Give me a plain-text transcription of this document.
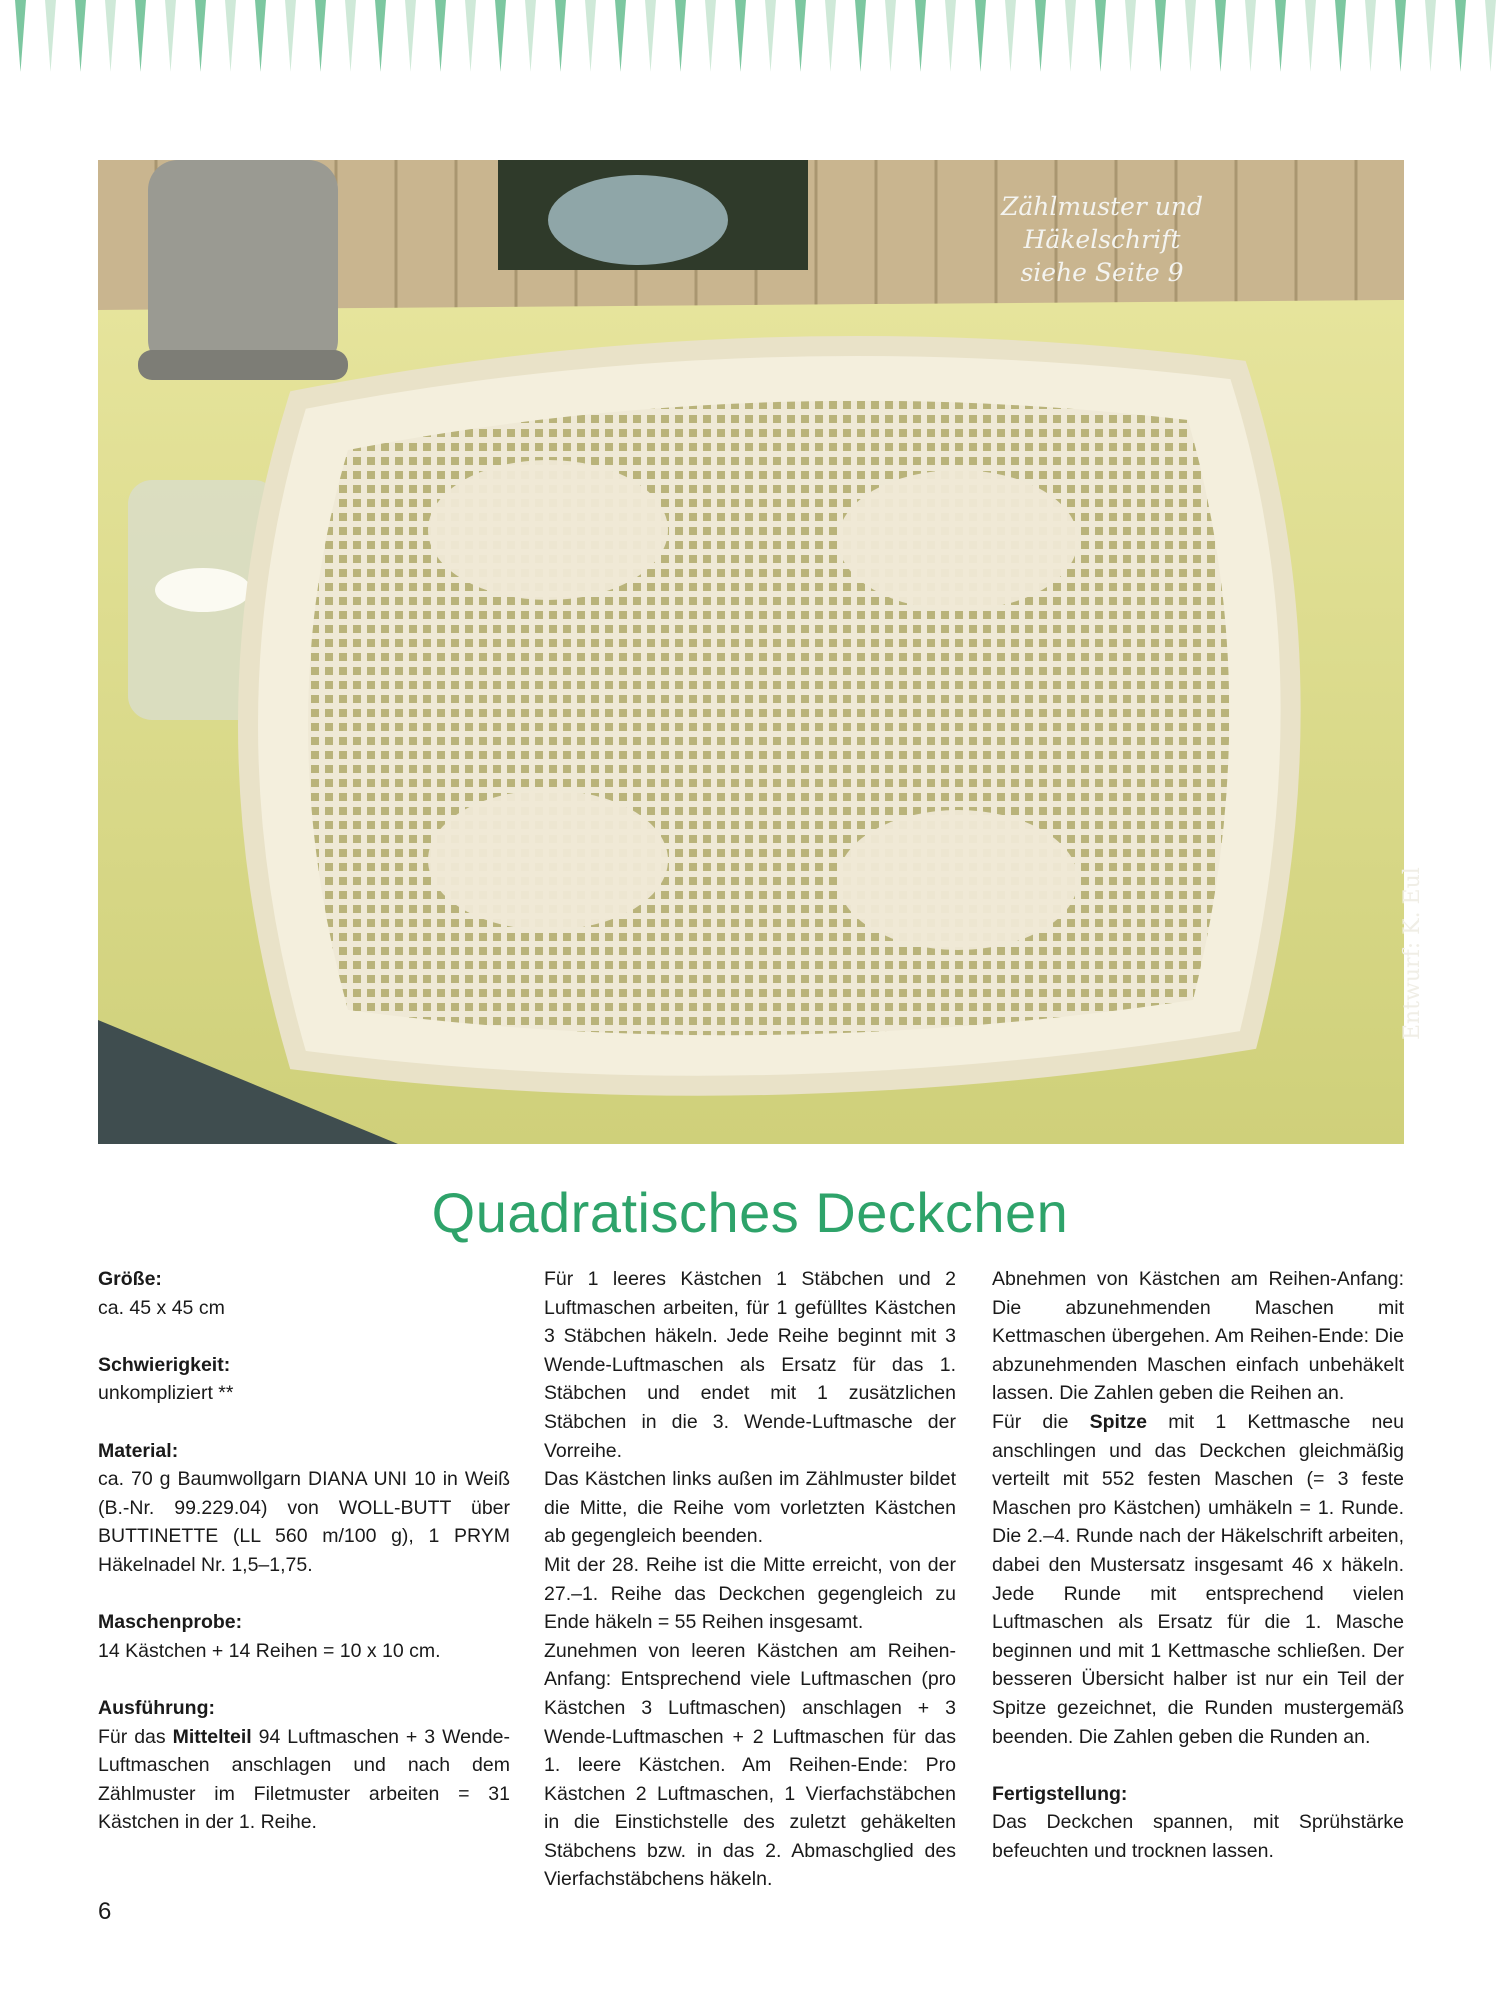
Zählmuster und
Häkelschrift
siehe Seite 9
Entwurf: K. Eul
Quadratisches Deckchen

Größe:

ca. 45 x 45 cm

Schwierigkeit:

unkompliziert **

Material:

ca. 70 g Baumwollgarn DIANA UNI 10 in Weiß (B.-Nr. 99.229.04) von WOLL-BUTT über BUTTINETTE (LL 560 m/100 g), 1 PRYM Häkelnadel Nr. 1,5–1,75.

Maschenprobe:

14 Kästchen + 14 Reihen = 10 x 10 cm.

Ausführung:

Für das Mittelteil 94 Luftmaschen + 3 Wende-Luftmaschen anschlagen und nach dem Zählmuster im Filetmuster arbeiten = 31 Kästchen in der 1. Reihe.

Für 1 leeres Kästchen 1 Stäbchen und 2 Luftmaschen arbeiten, für 1 gefülltes Kästchen 3 Stäbchen häkeln. Jede Reihe beginnt mit 3 Wende-Luftmaschen als Ersatz für das 1. Stäbchen und endet mit 1 zusätzlichen Stäbchen in die 3. Wende-Luftmasche der Vorreihe.

Das Kästchen links außen im Zählmuster bildet die Mitte, die Reihe vom vorletzten Kästchen ab gegengleich beenden.

Mit der 28. Reihe ist die Mitte erreicht, von der 27.–1. Reihe das Deckchen gegengleich zu Ende häkeln = 55 Reihen insgesamt.

Zunehmen von leeren Kästchen am Reihen-Anfang: Entsprechend viele Luftmaschen (pro Kästchen 3 Luftmaschen) anschlagen + 3 Wende-Luftmaschen + 2 Luftmaschen für das 1. leere Kästchen. Am Reihen-Ende: Pro Kästchen 2 Luftmaschen, 1 Vierfachstäbchen in die Einstichstelle des zuletzt gehäkelten Stäbchens bzw. in das 2. Abmaschglied des Vierfachstäbchens häkeln.

Abnehmen von Kästchen am Reihen-Anfang: Die abzunehmenden Maschen mit Kettmaschen übergehen. Am Reihen-Ende: Die abzunehmenden Maschen einfach unbehäkelt lassen. Die Zahlen geben die Reihen an.

Für die Spitze mit 1 Kettmasche neu anschlingen und das Deckchen gleichmäßig verteilt mit 552 festen Maschen (= 3 feste Maschen pro Kästchen) umhäkeln = 1. Runde. Die 2.–4. Runde nach der Häkelschrift arbeiten, dabei den Mustersatz insgesamt 46 x häkeln. Jede Runde mit entsprechend vielen Luftmaschen als Ersatz für die 1. Masche beginnen und mit 1 Kettmasche schließen. Der besseren Übersicht halber ist nur ein Teil der Spitze gezeichnet, die Runden mustergemäß beenden. Die Zahlen geben die Runden an.

Fertigstellung:

Das Deckchen spannen, mit Sprühstärke befeuchten und trocknen lassen.

6
